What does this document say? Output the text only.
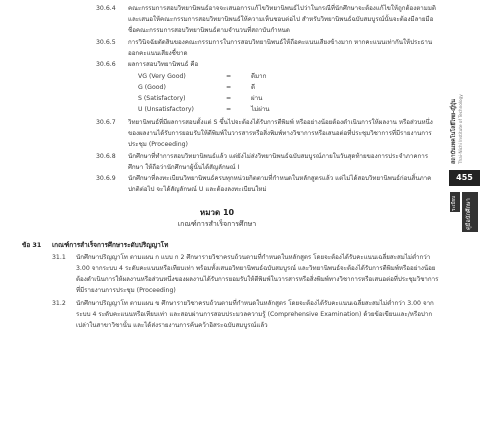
30.6.4 คณะกรรมการสอบวิทยานิพนธ์อาจจะเสนอการแก้ไขวิทยานิพนธ์ไปว่าในกรณีที่นักศึกษาจะต้องแก้ไขให้ถูกต้องตามมติ และเสนอให้คณะกรรมการสอบวิทยานิพนธ์ให้ความเห็นชอบต่อไป สำหรับวิทยานิพนธ์ฉบับสมบูรณ์นั้นจะต้องมีลายมือชื่อคณะกรรมการสอบวิทยานิพนธ์ตามจำนวนที่สถาบันกำหนด
30.6.5 การวินิจฉัยตัดสินของคณะกรรมการในการสอบวิทยานิพนธ์ให้ถือคะแนนเสียงข้างมาก หากคะแนนเท่ากันให้ประธานออกคะแนนเสียงชี้ขาด
30.6.6 ผลการสอบวิทยานิพนธ์ คือ
VG (Very Good)	=	ดีมาก
G (Good)	=	ดี
S (Satisfactory)	=	ผ่าน
U (Unsatisfactory)	=	ไม่ผ่าน
30.6.7 วิทยานิพนธ์ที่มีผลการสอบตั้งแต่ S ขึ้นไปจะต้องได้รับการตีพิมพ์ หรืออย่างน้อยต้องดำเนินการให้ผลงาน หรือส่วนหนึ่งของผลงานได้รับการยอมรับให้ตีพิมพ์ในวารสารหรือสิ่งพิมพ์ทางวิชาการหรือเสนอต่อที่ประชุมวิชาการที่มีรายงานการประชุม (Proceeding)
30.6.8 นักศึกษาที่ทำการสอบวิทยานิพนธ์แล้ว แต่ยังไม่ส่งวิทยานิพนธ์ฉบับสมบูรณ์ภายในวันสุดท้ายของการประจำภาคการศึกษา ให้ถือว่านักศึกษาผู้นั้นได้สัญลักษณ์ I
30.6.9 นักศึกษาที่ลงทะเบียนวิทยานิพนธ์ครบทุกหน่วยกิตตามที่กำหนดในหลักสูตรแล้ว แต่ไม่ได้สอบวิทยานิพนธ์ก่อนสิ้นภาคปกติต่อไป จะได้สัญลักษณ์ U และต้องลงทะเบียนใหม่
หมวด 10
เกณฑ์การสำเร็จการศึกษา
ข้อ 31 เกณฑ์การสำเร็จการศึกษาระดับปริญญาโท
31.1 นักศึกษาปริญญาโท ตามแผน ก แบบ ก 2 ศึกษารายวิชาครบถ้วนตามที่กำหนดในหลักสูตร โดยจะต้องได้รับคะแนนเฉลี่ยสะสมไม่ต่ำกว่า 3.00 จากระบบ 4 ระดับคะแนนหรือเทียบเท่า พร้อมทั้งเสนอวิทยานิพนธ์ฉบับสมบูรณ์ และวิทยานิพนธ์จะต้องได้รับการตีพิมพ์หรืออย่างน้อยต้องดำเนินการให้ผลงานหรือส่วนหนึ่งของผลงานได้รับการยอมรับให้ตีพิมพ์ในวารสารหรือสิ่งพิมพ์ทางวิชาการหรือเสนอต่อที่ประชุมวิชาการที่มีรายงานการประชุม (Proceeding)
31.2 นักศึกษาปริญญาโท ตามแผน ข ศึกษารายวิชาครบถ้วนตามที่กำหนดในหลักสูตร โดยจะต้องได้รับคะแนนเฉลี่ยสะสมไม่ต่ำกว่า 3.00 จากระบบ 4 ระดับคะแนนหรือเทียบเท่า และสอบผ่านการสอบประมวลความรู้ (Comprehensive Examination) ด้วยข้อเขียนและ/หรือปากเปล่าในสาขาวิชานั้น และได้ส่งรายงานการค้นคว้าอิสระฉบับสมบูรณ์แล้ว
สถาบันเทคโนโลยีไทย-ญี่ปุ่น Thai-Nichi Institute of Technology
455
ระเบียบ คู่มือนักศึกษา
